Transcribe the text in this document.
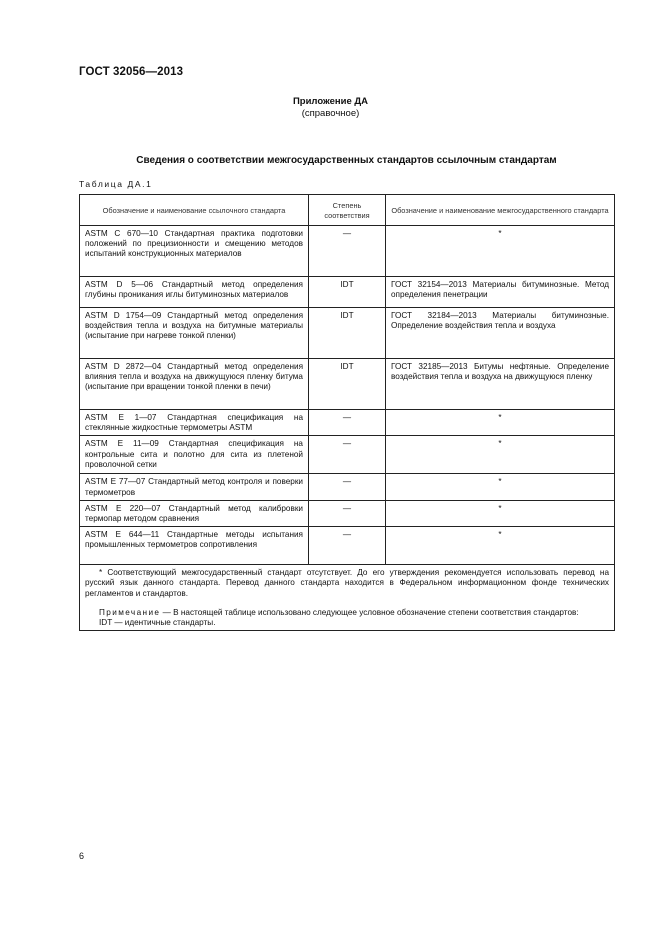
ГОСТ 32056—2013
Приложение ДА
(справочное)
Сведения о соответствии межгосударственных стандартов ссылочным стандартам
Таблица ДА.1
Обозначение и наименование ссылочного стандарта	Степень соответствия	Обозначение и наименование межгосударственного стандарта
ASTM C 670—10 Стандартная практика подготовки положений по прецизионности и смещению методов испытаний конструкционных материалов	—	*
ASTM D 5—06 Стандартный метод определения глубины проникания иглы битуминозных материалов	IDT	ГОСТ 32154—2013 Материалы битуминозные. Метод определения пенетрации
ASTM D 1754—09 Стандартный метод определения воздействия тепла и воздуха на битумные материалы (испытание при нагреве тонкой пленки)	IDT	ГОСТ 32184—2013 Материалы битуминозные. Определение воздействия тепла и воздуха
ASTM D 2872—04 Стандартный метод определения влияния тепла и воздуха на движущуюся пленку битума (испытание при вращении тонкой пленки в печи)	IDT	ГОСТ 32185—2013 Битумы нефтяные. Определение воздействия тепла и воздуха на движущуюся пленку
ASTM E 1—07 Стандартная спецификация на стеклянные жидкостные термометры ASTM	—	*
ASTM E 11—09 Стандартная спецификация на контрольные сита и полотно для сита из плетеной проволочной сетки	—	*
ASTM E 77—07 Стандартный метод контроля и поверки термометров	—	*
ASTM E 220—07 Стандартный метод калибровки термопар методом сравнения	—	*
ASTM E 644—11 Стандартные методы испытания промышленных термометров сопротивления	—	*

* Соответствующий межгосударственный стандарт отсутствует. До его утверждения рекомендуется использовать перевод на русский язык данного стандарта. Перевод данного стандарта находится в Федеральном информационном фонде технических регламентов и стандартов.

Примечание — В настоящей таблице использовано следующее условное обозначение степени соответствия стандартов:

IDT — идентичные стандарты.		

6
